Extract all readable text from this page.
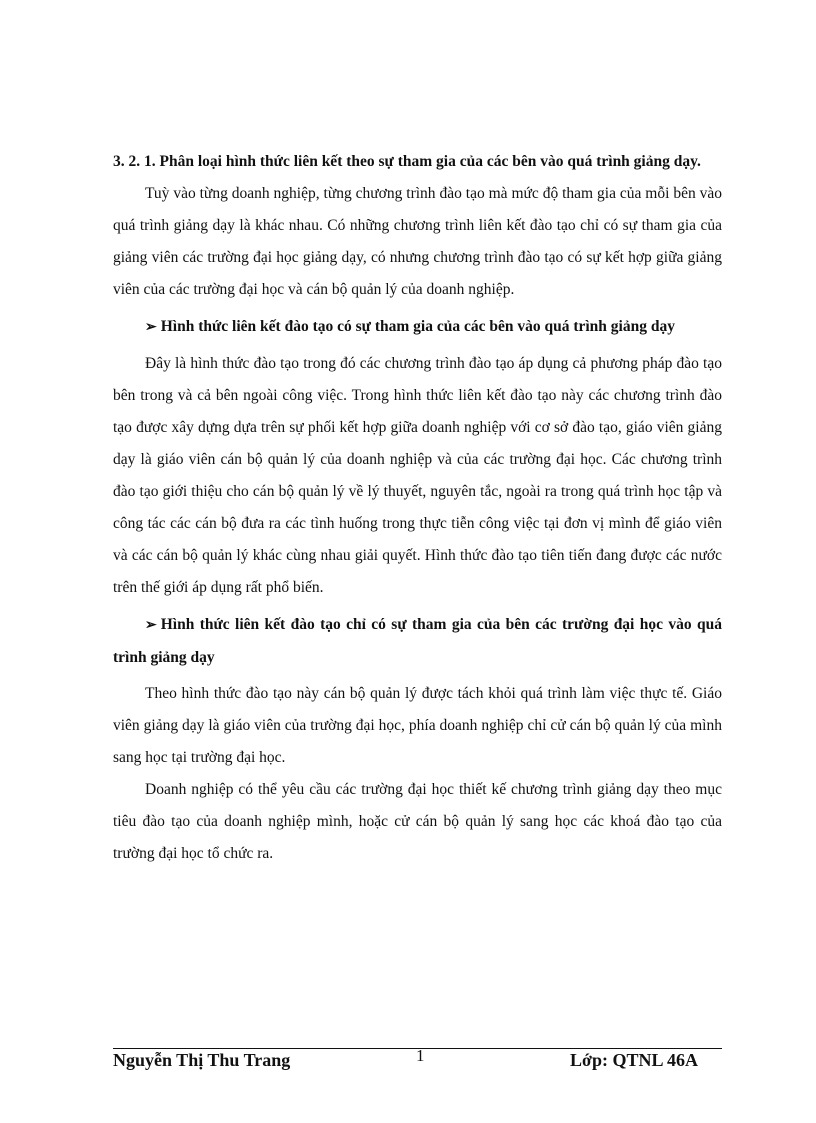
3. 2. 1. Phân loại hình thức liên kết theo sự tham gia của các bên vào quá trình giảng dạy.

Tuỳ vào từng doanh nghiệp, từng chương trình đào tạo mà mức độ tham gia của mỗi bên vào quá trình giảng dạy là khác nhau. Có những chương trình liên kết đào tạo chỉ có sự tham gia của giảng viên các trường đại học giảng dạy, có nhưng chương trình đào tạo có sự kết hợp giữa giảng viên của các trường đại học và cán bộ quản lý của doanh nghiệp.

➢ Hình thức liên kết đào tạo có sự tham gia của các bên vào quá trình giảng dạy

Đây là hình thức đào tạo trong đó các chương trình đào tạo áp dụng cả phương pháp đào tạo bên trong và cả bên ngoài công việc. Trong hình thức liên kết đào tạo này các chương trình đào tạo được xây dựng dựa trên sự phối kết hợp giữa doanh nghiệp với cơ sở đào tạo, giáo viên giảng dạy là giáo viên cán bộ quản lý của doanh nghiệp và của các trường đại học. Các chương trình đào tạo giới thiệu cho cán bộ quản lý về lý thuyết, nguyên tắc, ngoài ra trong quá trình học tập và công tác các cán bộ đưa ra các tình huống trong thực tiễn công việc tại đơn vị mình để giáo viên và các cán bộ quản lý khác cùng nhau giải quyết. Hình thức đào tạo tiên tiến đang được các nước trên thế giới áp dụng rất phổ biến.

➢ Hình thức liên kết đào tạo chỉ có sự tham gia của bên các trường đại học vào quá trình giảng dạy

Theo hình thức đào tạo này cán bộ quản lý được tách khỏi quá trình làm việc thực tế. Giáo viên giảng dạy là giáo viên của trường đại học, phía doanh nghiệp chỉ cử cán bộ quản lý của mình sang học tại trường đại học.

Doanh nghiệp có thể yêu cầu các trường đại học thiết kế chương trình giảng dạy theo mục tiêu đào tạo của doanh nghiệp mình, hoặc cử cán bộ quản lý sang học các khoá đào tạo của trường đại học tổ chức ra.

Nguyễn Thị Thu Trang	1	Lớp: QTNL 46A
